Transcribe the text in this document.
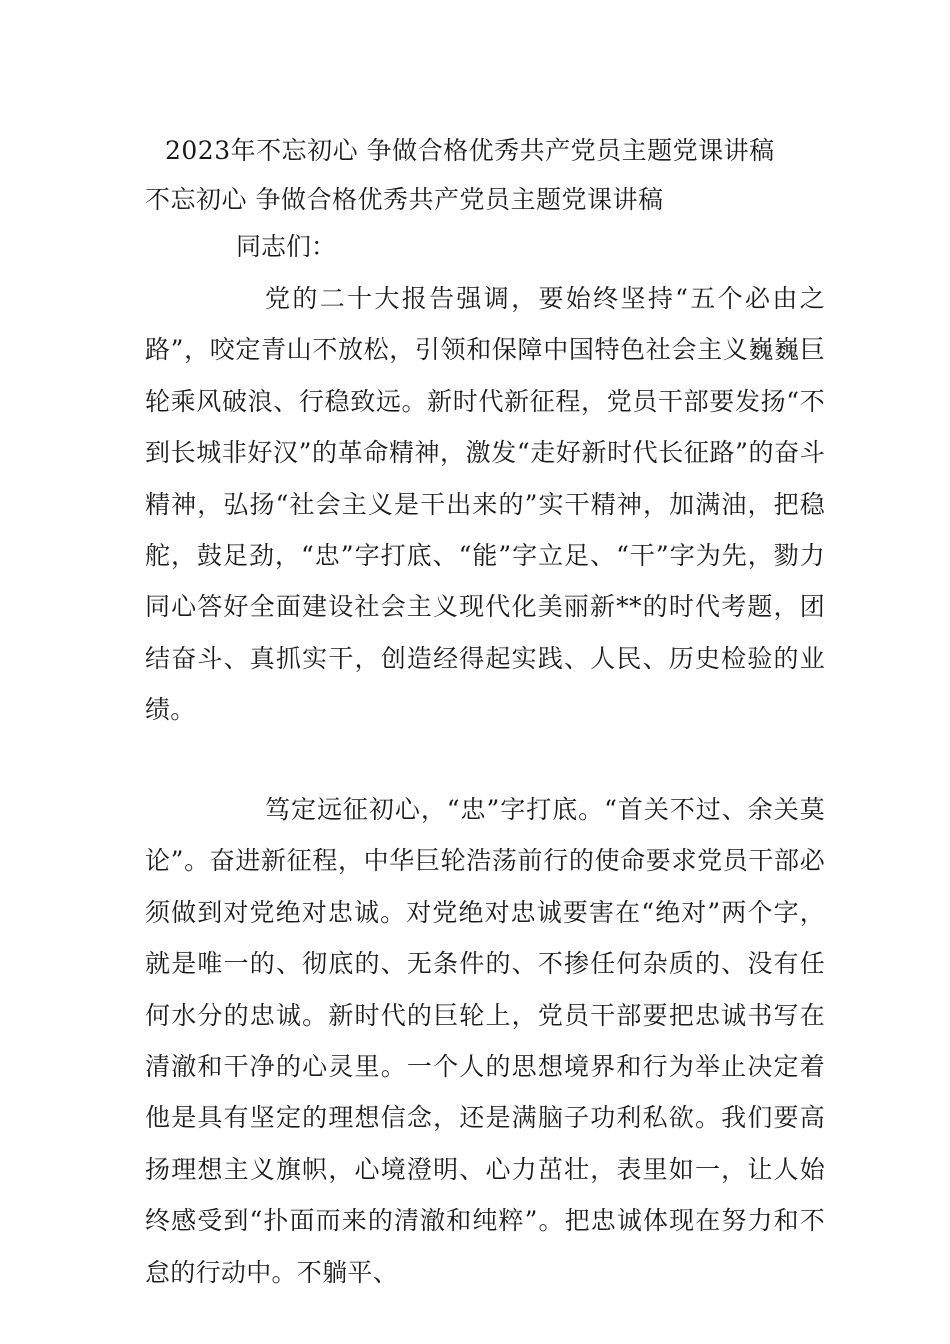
2023年不忘初心 争做合格优秀共产党员主题党课讲稿
不忘初心 争做合格优秀共产党员主题党课讲稿
同志们：

党的二十大报告强调，要始终坚持“五个必由之路”，咬定青山不放松，引领和保障中国特色社会主义巍巍巨轮乘风破浪、行稳致远。新时代新征程，党员干部要发扬“不到长城非好汉”的革命精神，激发“走好新时代长征路”的奋斗精神，弘扬“社会主义是干出来的”实干精神，加满油，把稳舵，鼓足劲，“忠”字打底、“能”字立足、“干”字为先，勠力同心答好全面建设社会主义现代化美丽新**的时代考题，团结奋斗、真抓实干，创造经得起实践、人民、历史检验的业绩。

笃定远征初心，“忠”字打底。“首关不过、余关莫论”。奋进新征程，中华巨轮浩荡前行的使命要求党员干部必须做到对党绝对忠诚。对党绝对忠诚要害在“绝对”两个字，就是唯一的、彻底的、无条件的、不掺任何杂质的、没有任何水分的忠诚。新时代的巨轮上，党员干部要把忠诚书写在清澈和干净的心灵里。一个人的思想境界和行为举止决定着他是具有坚定的理想信念，还是满脑子功利私欲。我们要高扬理想主义旗帜，心境澄明、心力茁壮，表里如一，让人始终感受到“扑面而来的清澈和纯粹”。把忠诚体现在努力和不怠的行动中。不躺平、
